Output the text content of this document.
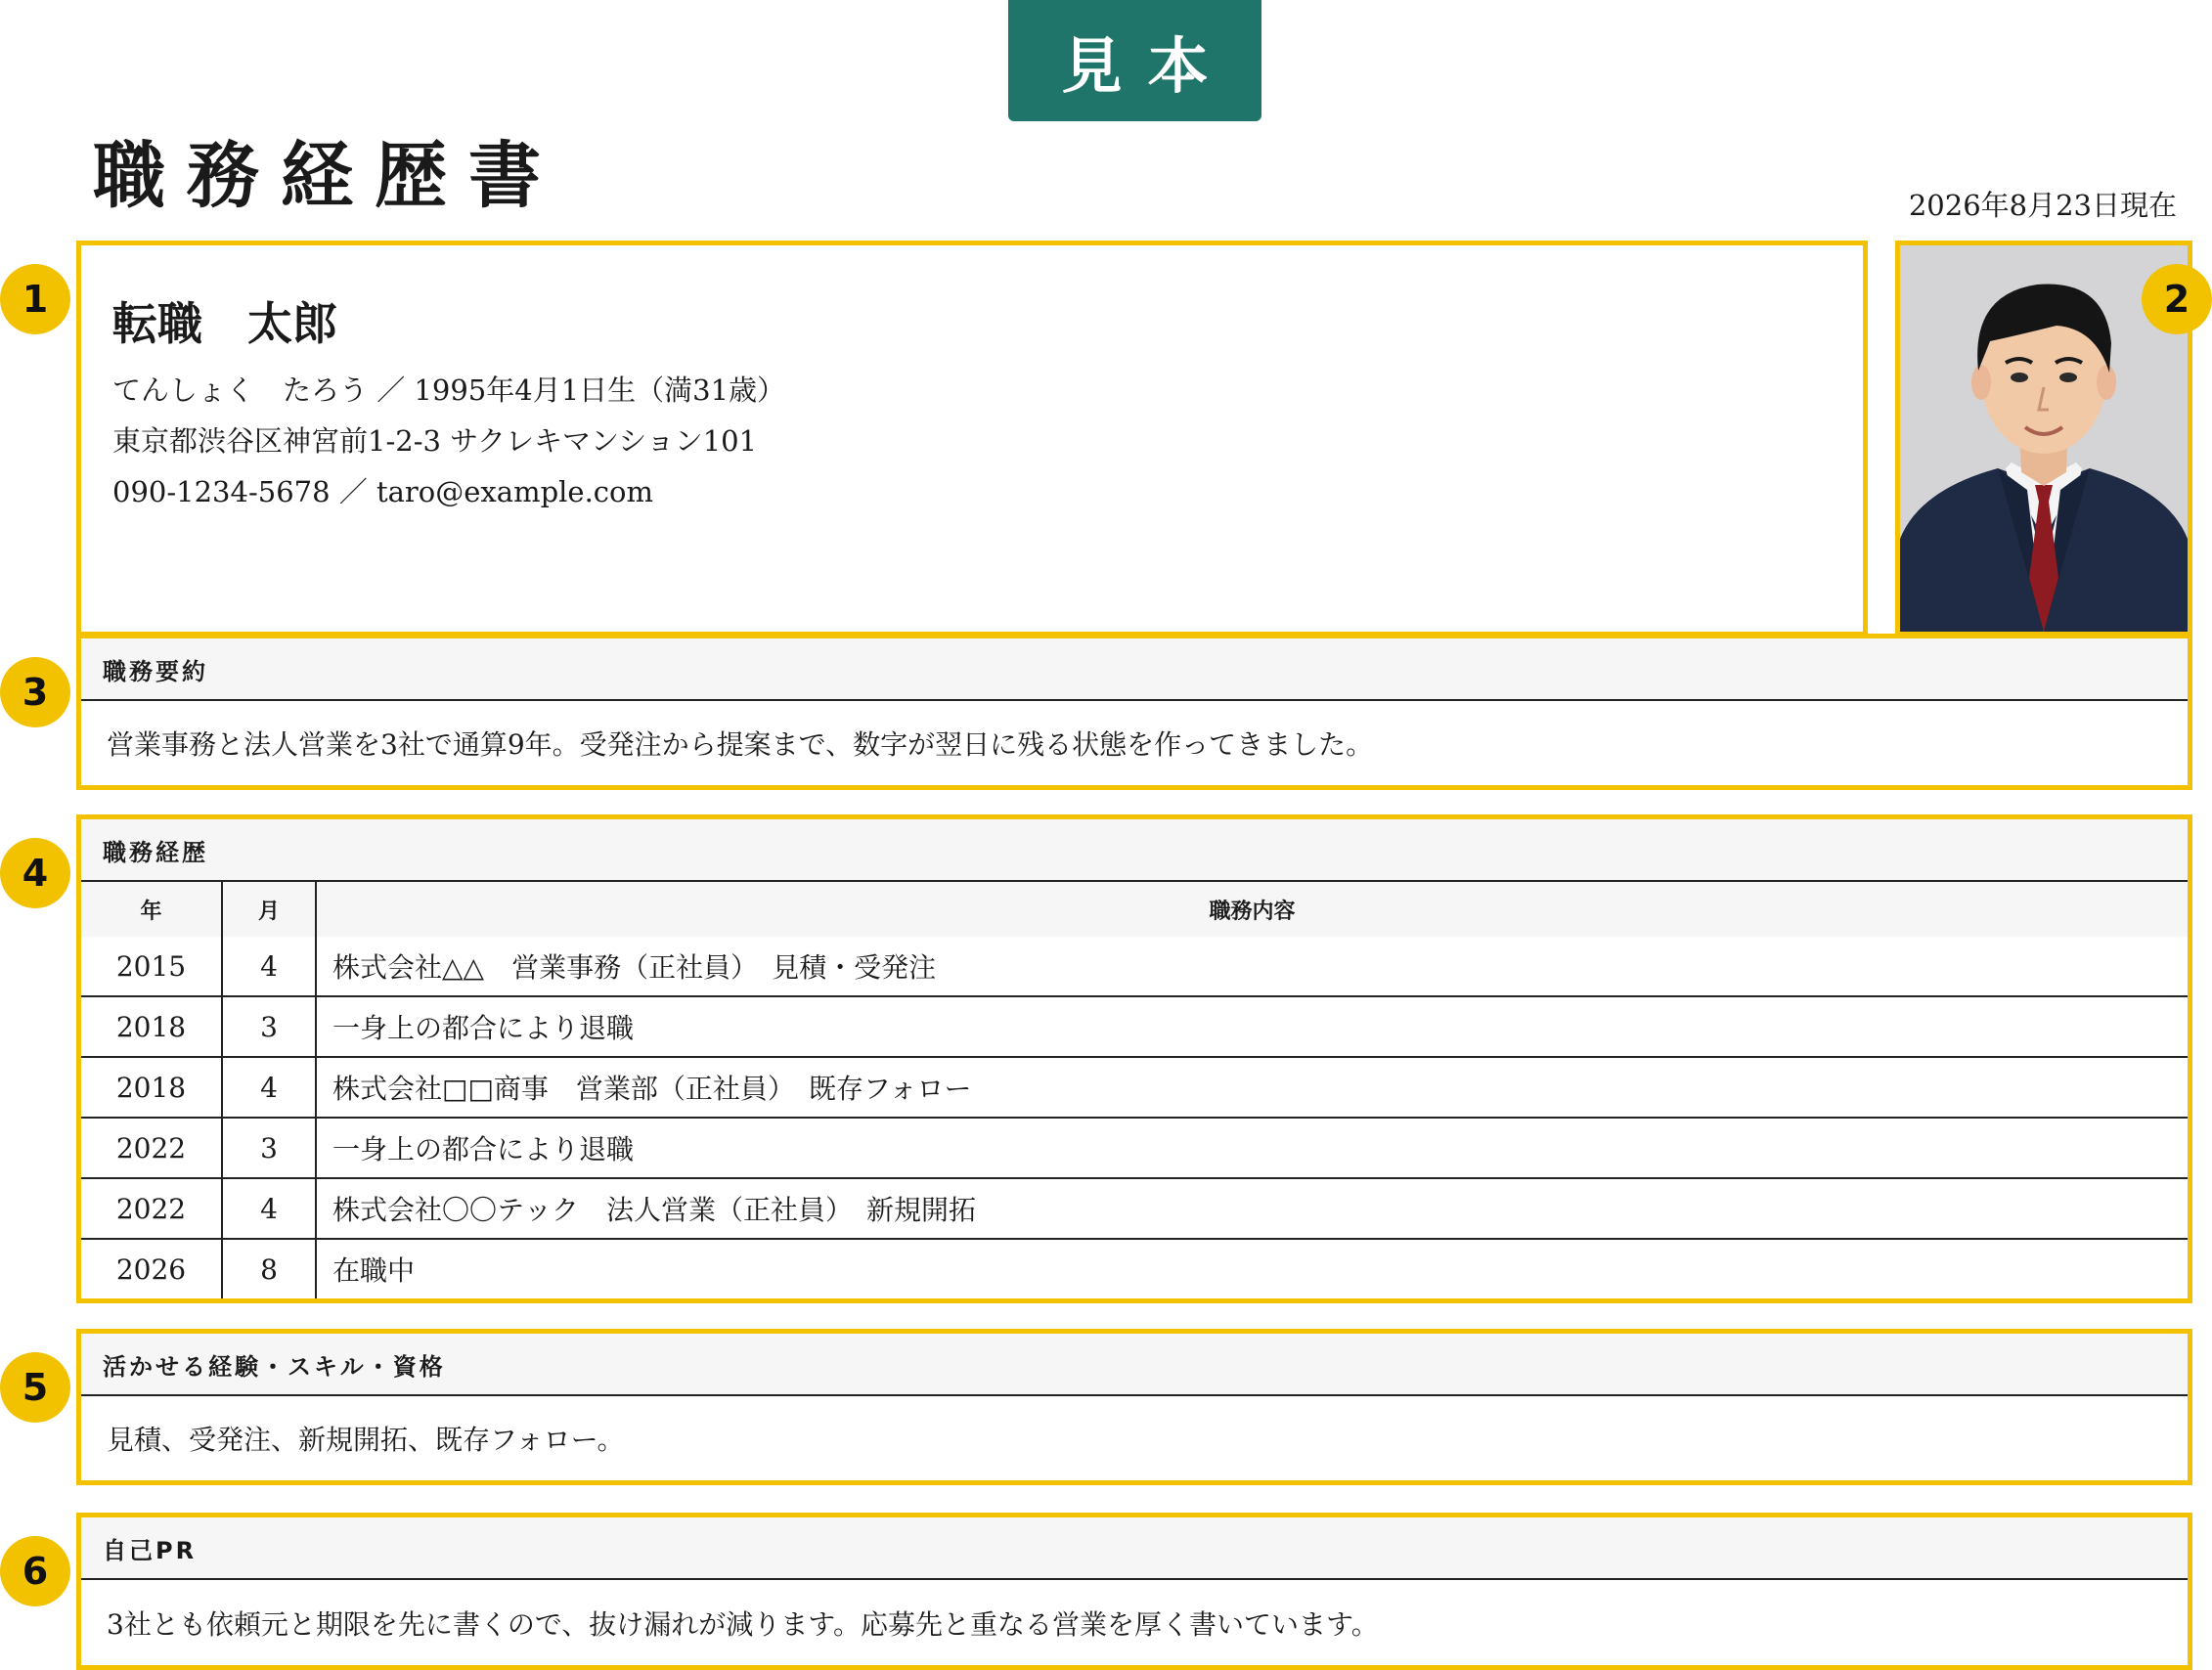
見本
職務経歴書	2026年8月23日現在
転職　太郎
てんしょく　たろう ／ 1995年4月1日生（満31歳）
東京都渋谷区神宮前1-2-3 サクレキマンション101
090-1234-5678 ／ taro@example.com
1	2
3
4
5
6
職務要約
営業事務と法人営業を3社で通算9年。受発注から提案まで、数字が翌日に残る状態を作ってきました。
職務経歴
年	月	職務内容
2015	4	株式会社△△　営業事務（正社員）　見積・受発注
2018	3	一身上の都合により退職
2018	4	株式会社□□商事　営業部（正社員）　既存フォロー
2022	3	一身上の都合により退職
2022	4	株式会社〇〇テック　法人営業（正社員）　新規開拓
2026	8	在職中
活かせる経験・スキル・資格
見積、受発注、新規開拓、既存フォロー。
自己PR
3社とも依頼元と期限を先に書くので、抜け漏れが減ります。応募先と重なる営業を厚く書いています。
